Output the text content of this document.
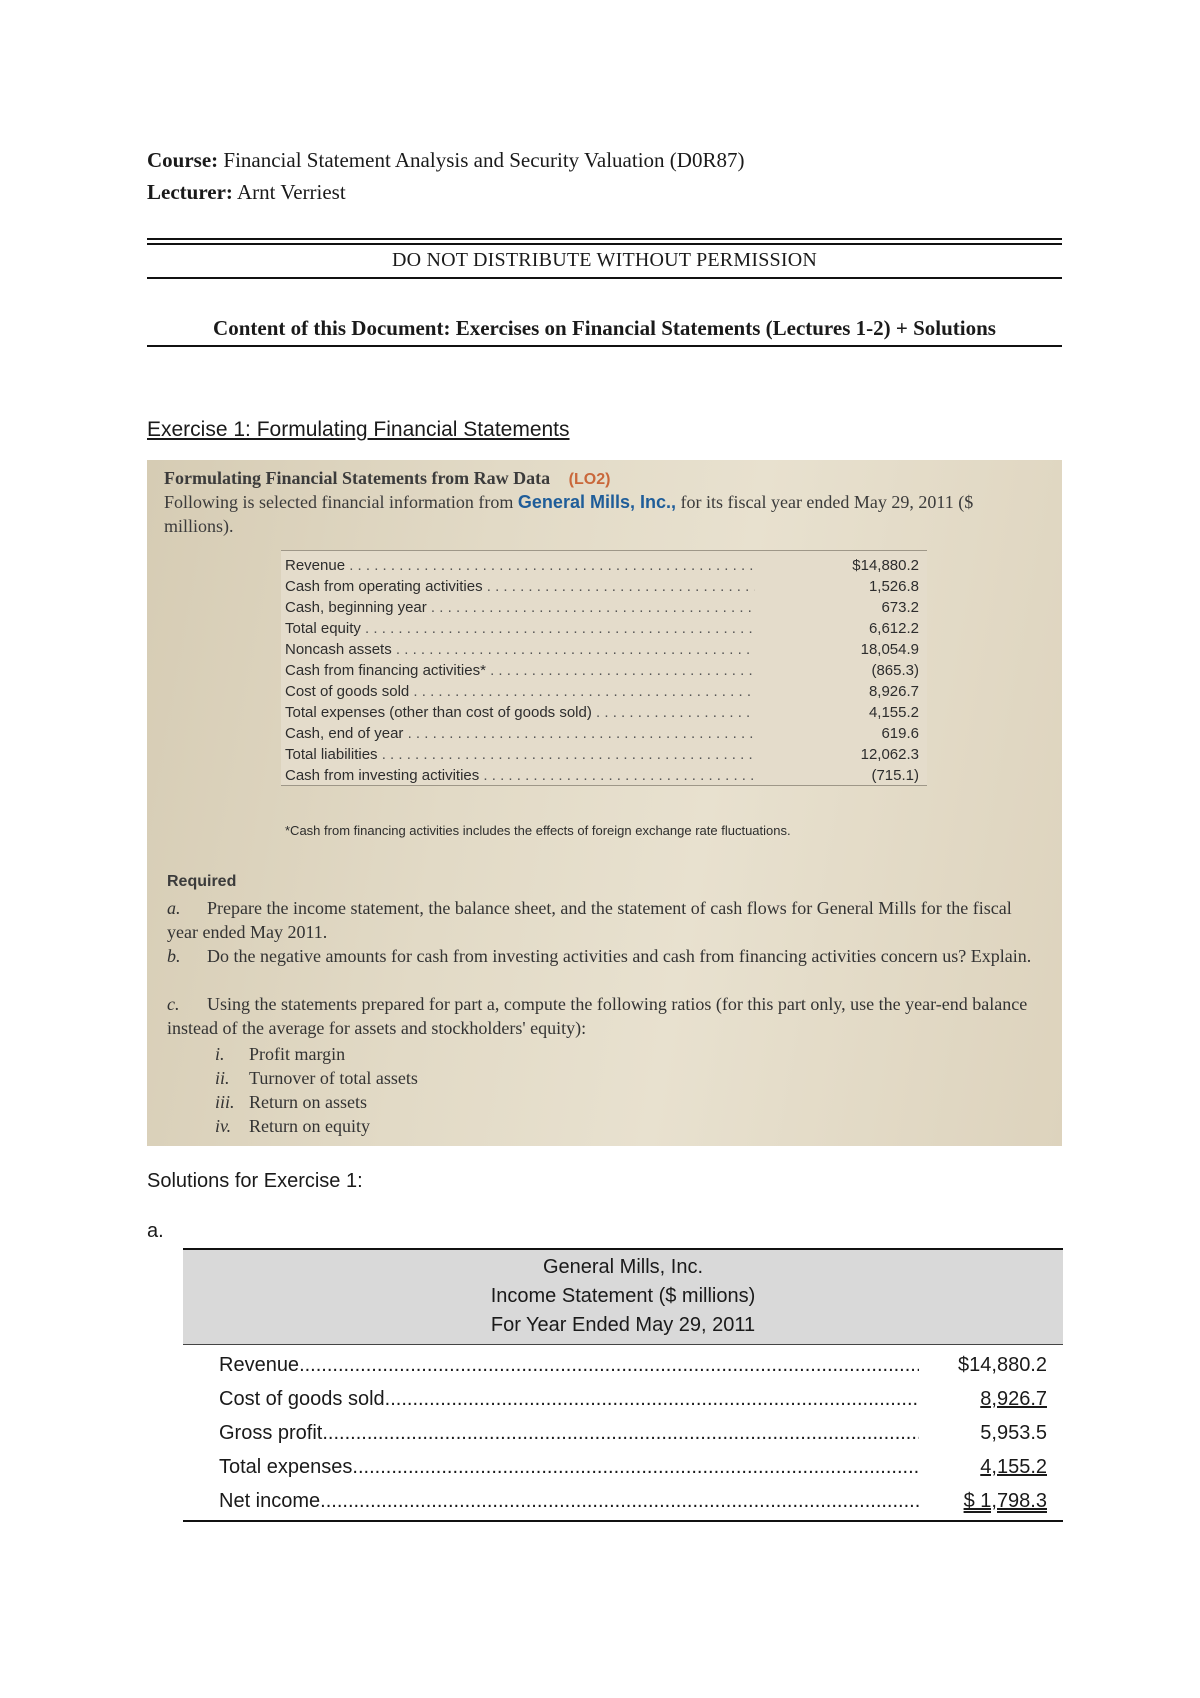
Course: Financial Statement Analysis and Security Valuation (D0R87)
Lecturer: Arnt Verriest
DO NOT DISTRIBUTE WITHOUT PERMISSION
Content of this Document: Exercises on Financial Statements (Lectures 1-2) + Solutions
Exercise 1: Formulating Financial Statements
Formulating Financial Statements from Raw Data (LO2)
Following is selected financial information from General Mills, Inc., for its fiscal year ended May 29, 2011 ($ millions).
Revenue . . .	$14,880.2
Cash from operating activities . . .	1,526.8
Cash, beginning year . . .	673.2
Total equity . . .	6,612.2
Noncash assets . . .	18,054.9
Cash from financing activities* . . .	(865.3)
Cost of goods sold . . .	8,926.7
Total expenses (other than cost of goods sold) . . .	4,155.2
Cash, end of year . . .	619.6
Total liabilities . . .	12,062.3
Cash from investing activities . . .	(715.1)
*Cash from financing activities includes the effects of foreign exchange rate fluctuations.
Required
a. Prepare the income statement, the balance sheet, and the statement of cash flows for General Mills for the fiscal year ended May 2011.
b. Do the negative amounts for cash from investing activities and cash from financing activities concern us? Explain.
c. Using the statements prepared for part a, compute the following ratios (for this part only, use the year-end balance instead of the average for assets and stockholders' equity):
i. Profit margin
ii. Turnover of total assets
iii. Return on assets
iv. Return on equity
Solutions for Exercise 1:
a.
General Mills, Inc.
Income Statement ($ millions)
For Year Ended May 29, 2011
Revenue .....	$14,880.2
Cost of goods sold .....	8,926.7
Gross profit .....	5,953.5
Total expenses .....	4,155.2
Net income .....	$ 1,798.3
